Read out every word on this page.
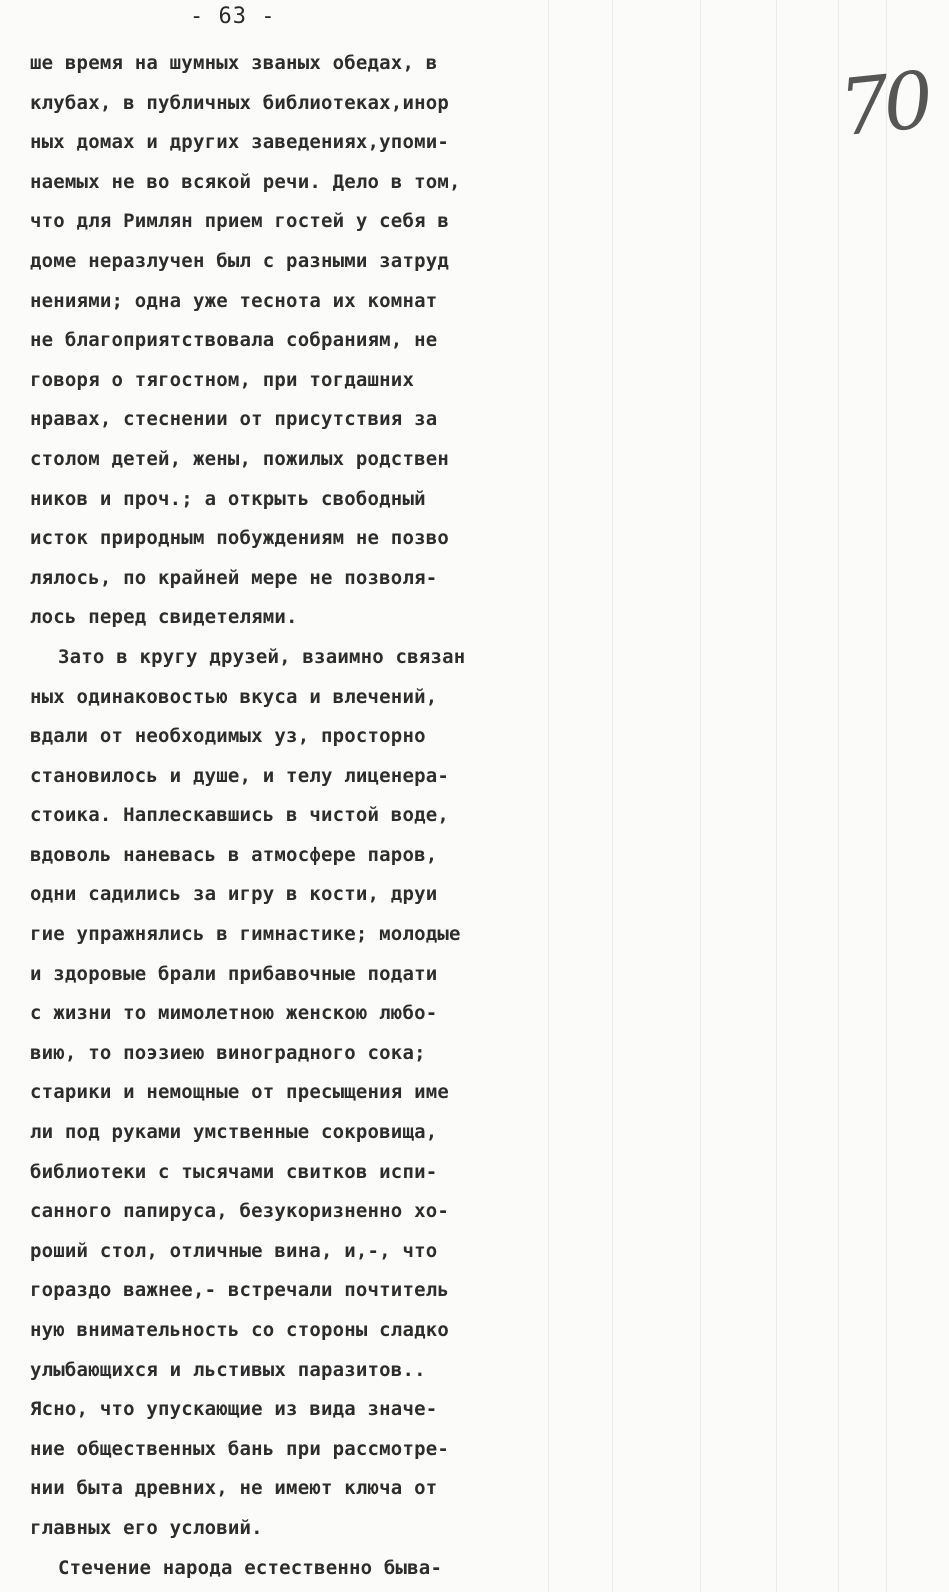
- 63 -
70
ше время на шумных званых обедах, в
клубах, в публичных библиотеках,инор
ных домах и других заведениях,упоми-
наемых не во всякой речи. Дело в том,
что для Римлян прием гостей у себя в
доме неразлучен был с разными затруд
нениями; одна уже теснота их комнат
не благоприятствовала собраниям, не
говоря о тягостном, при тогдашних
нравах, стеснении от присутствия за
столом детей, жены, пожилых родствен
ников и проч.; а открыть свободный
исток природным побуждениям не позво
лялось, по крайней мере не позволя-
лось перед свидетелями.
Зато в кругу друзей, взаимно связан
ных одинаковостью вкуса и влечений,
вдали от необходимых уз, просторно
становилось и душе, и телу лиценера-
стоика. Наплескавшись в чистой воде,
вдоволь наневась в атмосфере паров,
одни садились за игру в кости, друи
гие упражнялись в гимнастике; молодые
и здоровые брали прибавочные подати
с жизни то мимолетною женскою любо-
вию, то поэзиею виноградного сока;
старики и немощные от пресыщения име
ли под руками умственные сокровища,
библиотеки с тысячами свитков испи-
санного папируса, безукоризненно хо-
роший стол, отличные вина, и,-, что
гораздо важнее,- встречали почтитель
ную внимательность со стороны сладко
улыбающихся и льстивых паразитов..
Ясно, что упускающие из вида значе-
ние общественных бань при рассмотре-
нии быта древних, не имеют ключа от
главных его условий.
Стечение народа естественно быва-
